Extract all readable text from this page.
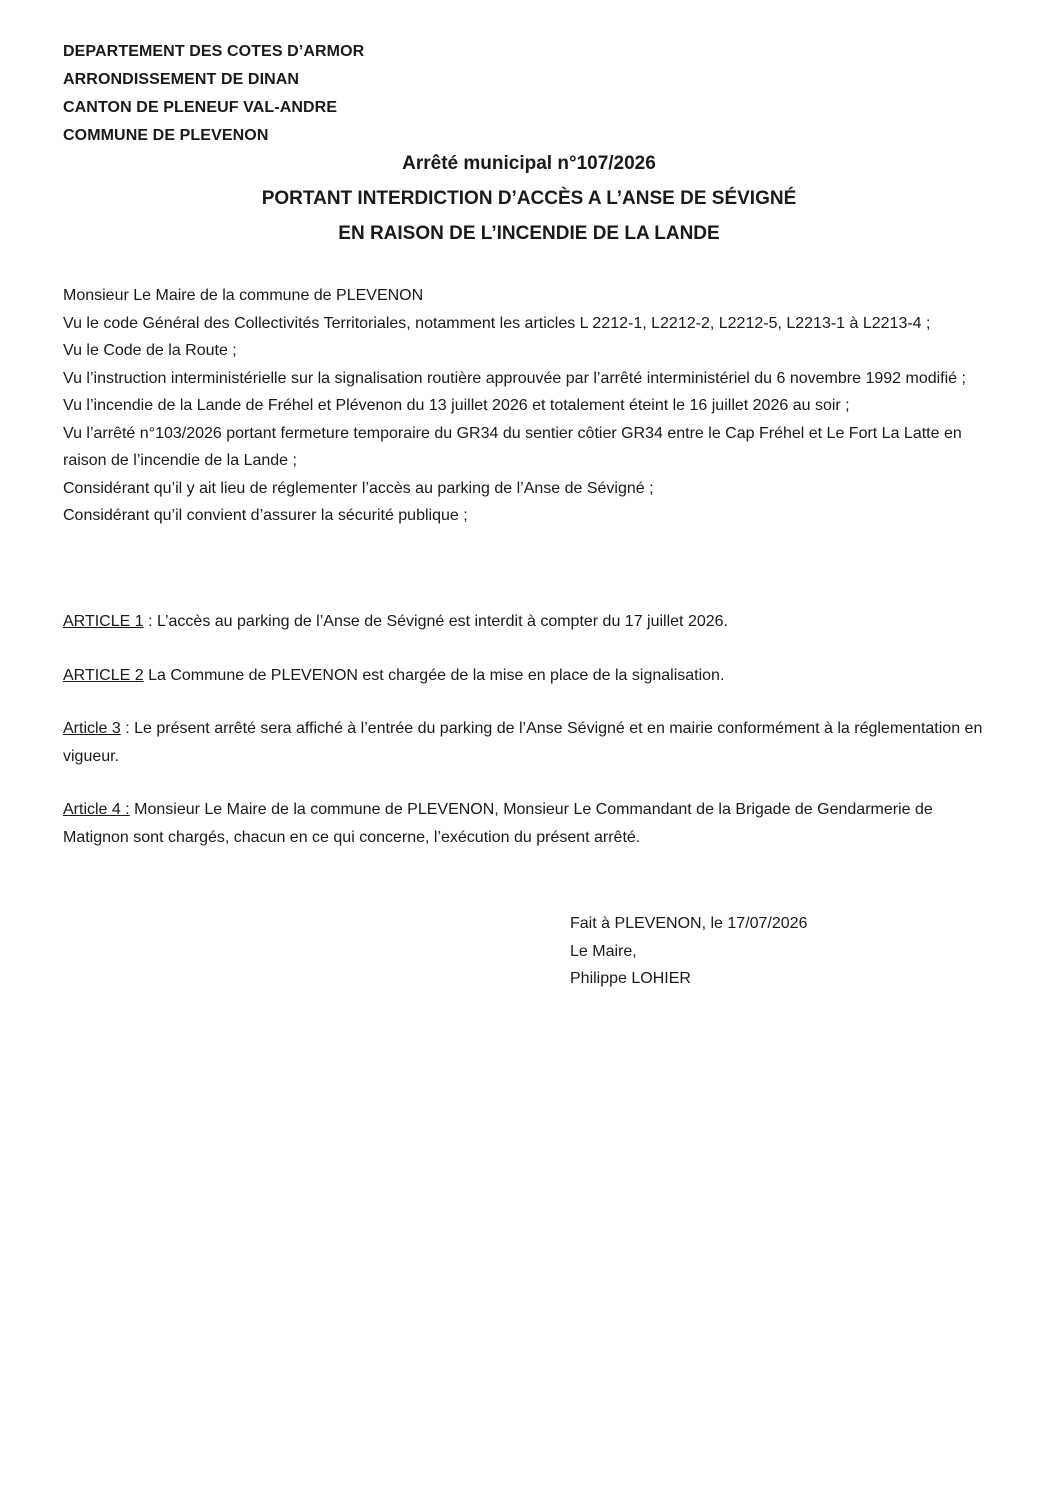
DEPARTEMENT DES COTES D’ARMOR
ARRONDISSEMENT DE DINAN
CANTON DE PLENEUF VAL-ANDRE
COMMUNE DE PLEVENON
Arrêté municipal n°107/2026
PORTANT INTERDICTION D’ACCÈS A L’ANSE DE SÉVIGNÉ
EN RAISON DE L’INCENDIE DE LA LANDE
Monsieur Le Maire de la commune de PLEVENON
Vu le code Général des Collectivités Territoriales, notamment les articles L 2212-1, L2212-2, L2212-5, L2213-1 à L2213-4 ;
Vu le Code de la Route ;
Vu l’instruction interministérielle sur la signalisation routière approuvée par l’arrêté interministériel du 6 novembre 1992 modifié ;
Vu l’incendie de la Lande de Fréhel et Plévenon du 13 juillet 2026 et totalement éteint le 16 juillet 2026 au soir ;
Vu l’arrêté n°103/2026 portant fermeture temporaire du GR34 du sentier côtier GR34 entre le Cap Fréhel et Le Fort La Latte en raison de l’incendie de la Lande ;
Considérant qu’il y ait lieu de réglementer l’accès au parking de l’Anse de Sévigné ;
Considérant qu’il convient d’assurer la sécurité publique ;
ARTICLE 1 : L’accès au parking de l’Anse de Sévigné est interdit à compter du 17 juillet 2026.
ARTICLE 2 La Commune de PLEVENON est chargée de la mise en place de la signalisation.
Article 3 : Le présent arrêté sera affiché à l’entrée du parking de l’Anse Sévigné et en mairie conformément à la réglementation en vigueur.
Article 4 : Monsieur Le Maire de la commune de PLEVENON, Monsieur Le Commandant de la Brigade de Gendarmerie de Matignon sont chargés, chacun en ce qui concerne, l’exécution du présent arrêté.
Fait à PLEVENON, le 17/07/2026
Le Maire,
Philippe LOHIER
